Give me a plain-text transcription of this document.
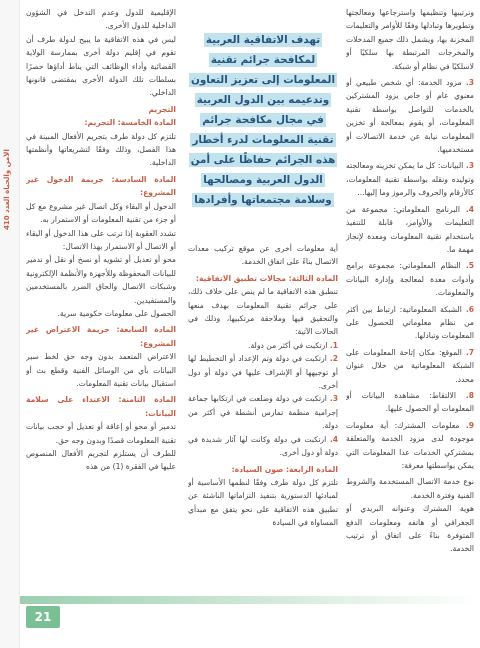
الأمن والحياة العدد 410

وترتيبها وتنظيمها واسترجاعها ومعالجتها وتطويرها وتبادلها وفقًا للأوامر والتعليمات المخزنة بها، ويشمل ذلك جميع المدخلات والمخرجات المرتبطة بها سلكيًا أو لاسلكيًا في نظام أو شبكة.

3. مزود الخدمة: أي شخص طبيعي أو معنوي عام أو خاص يزود المشتركين بالخدمات للتواصل بواسطة تقنية المعلومات، أو يقوم بمعالجة أو تخزين المعلومات نيابة عن خدمة الاتصالات أو مستخدميها.

3. البيانات: كل ما يمكن تخزينه ومعالجته وتوليده ونقله بواسطة تقنية المعلومات، كالأرقام والحروف والرموز وما إليها...

4. البرنامج المعلوماتي: مجموعة من التعليمات والأوامر، قابلة للتنفيذ باستخدام تقنية المعلومات ومعدة لإنجاز مهمة ما.

5. النظام المعلوماتي: مجموعة برامج وأدوات معدة لمعالجة وإدارة البيانات والمعلومات.

6. الشبكة المعلوماتية: ارتباط بين أكثر من نظام معلوماتي للحصول على المعلومات وتبادلها.

7. الموقع: مكان إتاحة المعلومات على الشبكة المعلوماتية من خلال عنوان محدد.

8. الالتقاط: مشاهدة البيانات أو المعلومات أو الحصول عليها.

9. معلومات المشترك: أية معلومات موجودة لدى مزود الخدمة والمتعلقة بمشتركي الخدمات عدا المعلومات التي يمكن بواسطتها معرفة:

نوع خدمة الاتصال المستخدمة والشروط الفنية وفترة الخدمة.

هوية المشترك وعنوانه البريدي أو الجغرافي أو هاتفه ومعلومات الدفع المتوفرة بناءً على اتفاق أو ترتيب الخدمة.

تهدف الاتفاقية العربية لمكافحة جرائم تقنية المعلومات إلى تعزيز التعاون وتدعيمه بين الدول العربية في مجال مكافحة جرائم تقنية المعلومات لدرء أخطار هذه الجرائم حفاظًا على أمن الدول العربية ومصالحها وسلامة مجتمعاتها وأفرادها

أية معلومات أخرى عن موقع تركيب معدات الاتصال بناءً على اتفاق الخدمة.

المادة الثالثة: مجالات تطبيق الاتفاقية:

تنطبق هذه الاتفاقية ما لم ينص على خلاف ذلك، على جرائم تقنية المعلومات بهدف منعها والتحقيق فيها وملاحقة مرتكبيها، وذلك في الحالات الآتية:

1. ارتكبت في أكثر من دولة.

2. ارتكبت في دولة وتم الإعداد أو التخطيط لها أو توجيهها أو الإشراف عليها في دولة أو دول أخرى.

3. ارتكبت في دولة وضلعت في ارتكابها جماعة إجرامية منظمة تمارس أنشطة في أكثر من دولة.

4. ارتكبت في دولة وكانت لها آثار شديدة في دولة أو دول أخرى.

المادة الرابعة: صون السيادة:

تلتزم كل دولة طرف وفقًا لنظمها الأساسية أو لمبادئها الدستورية بتنفيذ التزاماتها الناشئة عن تطبيق هذه الاتفاقية على نحو يتفق مع مبدأي المساواة في السيادة

الإقليمية للدول وعدم التدخل في الشؤون الداخلية للدول الأخرى.

ليس في هذه الاتفاقية ما يبيح لدولة طرف أن تقوم في إقليم دولة أخرى بممارسة الولاية القضائية وأداء الوظائف التي يناط أداؤها حصرًا بسلطات تلك الدولة الأخرى بمقتضى قانونها الداخلي.

التجريم

المادة الخامسة: التجريم:

تلتزم كل دولة طرف بتجريم الأفعال المبينة في هذا الفصل، وذلك وفقًا لتشريعاتها وأنظمتها الداخلية.

المادة السادسة: جريمة الدخول غير المشروع:

الدخول أو البقاء وكل اتصال غير مشروع مع كل أو جزء من تقنية المعلومات أو الاستمرار به.

تشدد العقوبة إذا ترتب على هذا الدخول أو البقاء أو الاتصال أو الاستمرار بهذا الاتصال:

محو أو تعديل أو تشويه أو نسخ أو نقل أو تدمير للبيانات المحفوظة وللأجهزة والأنظمة الإلكترونية وشبكات الاتصال والحاق الضرر بالمستخدمين والمستفيدين.

الحصول على معلومات حكومية سرية.

المادة السابعة: جريمة الاعتراض غير المشروع:

الاعتراض المتعمد بدون وجه حق لخط سير البيانات بأي من الوسائل الفنية وقطع بث أو استقبال بيانات تقنية المعلومات.

المادة الثامنة: الاعتداء على سلامة البيانات:

تدمير أو محو أو إعاقة أو تعديل أو حجب بيانات تقنية المعلومات قصدًا وبدون وجه حق.

للطرف أن يستلزم لتجريم الأفعال المنصوص عليها في الفقرة (1) من هذه

21
